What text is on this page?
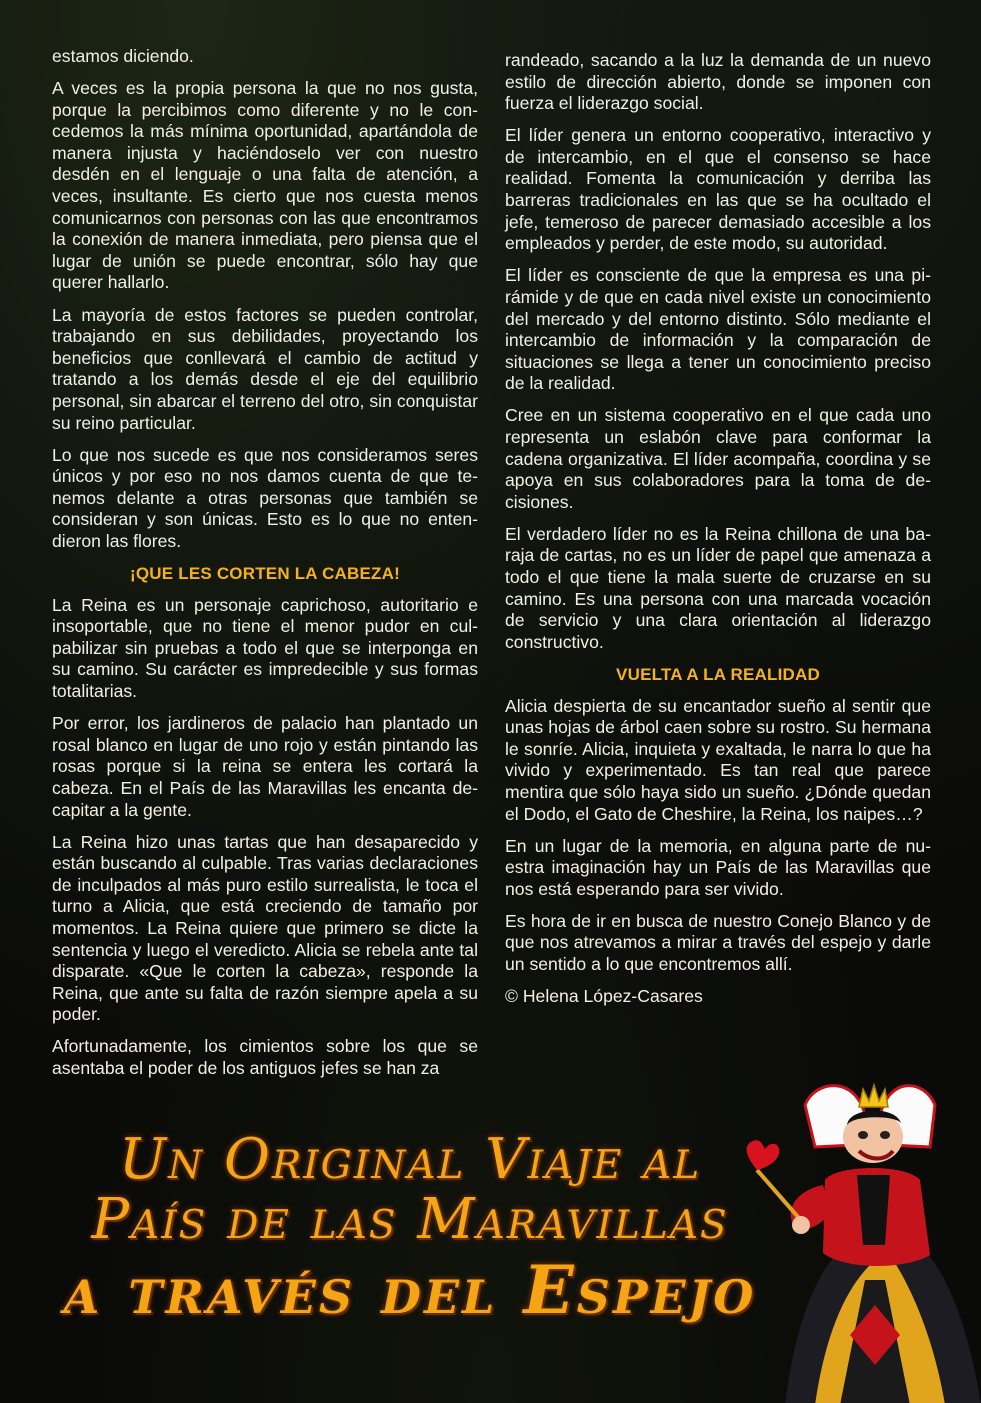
estamos diciendo.

A veces es la propia persona la que no nos gusta, porque la percibimos como diferente y no le concedemos la más mínima oportunidad, apartándola de manera injusta y haciéndoselo ver con nuestro desdén en el lenguaje o una falta de atención, a veces, insultante. Es cierto que nos cuesta menos comunicarnos con personas con las que encontramos la conexión de manera inmediata, pero piensa que el lugar de unión se puede encontrar, sólo hay que querer hallarlo.

La mayoría de estos factores se pueden controlar, trabajando en sus debilidades, proyectando los beneficios que conllevará el cambio de actitud y tratando a los demás desde el eje del equilibrio personal, sin abarcar el terreno del otro, sin conquistar su reino particular.

Lo que nos sucede es que nos consideramos seres únicos y por eso no nos damos cuenta de que tenemos delante a otras personas que también se consideran y son únicas. Esto es lo que no entendieron las flores.

¡QUE LES CORTEN LA CABEZA!

La Reina es un personaje caprichoso, autoritario e insoportable, que no tiene el menor pudor en culpabilizar sin pruebas a todo el que se interponga en su camino. Su carácter es impredecible y sus formas totalitarias.

Por error, los jardineros de palacio han plantado un rosal blanco en lugar de uno rojo y están pintando las rosas porque si la reina se entera les cortará la cabeza. En el País de las Maravillas les encanta decapitar a la gente.

La Reina hizo unas tartas que han desaparecido y están buscando al culpable. Tras varias declaraciones de inculpados al más puro estilo surrealista, le toca el turno a Alicia, que está creciendo de tamaño por momentos. La Reina quiere que primero se dicte la sentencia y luego el veredicto. Alicia se rebela ante tal disparate. «Que le corten la cabeza», responde la Reina, que ante su falta de razón siempre apela a su poder.

Afortunadamente, los cimientos sobre los que se asentaba el poder de los antiguos jefes se han za

randeado, sacando a la luz la demanda de un nuevo estilo de dirección abierto, donde se imponen con fuerza el liderazgo social.

El líder genera un entorno cooperativo, interactivo y de intercambio, en el que el consenso se hace realidad. Fomenta la comunicación y derriba las barreras tradicionales en las que se ha ocultado el jefe, temeroso de parecer demasiado accesible a los empleados y perder, de este modo, su autoridad.

El líder es consciente de que la empresa es una pirámide y de que en cada nivel existe un conocimiento del mercado y del entorno distinto. Sólo mediante el intercambio de información y la comparación de situaciones se llega a tener un conocimiento preciso de la realidad.

Cree en un sistema cooperativo en el que cada uno representa un eslabón clave para conformar la cadena organizativa. El líder acompaña, coordina y se apoya en sus colaboradores para la toma de decisiones.

El verdadero líder no es la Reina chillona de una baraja de cartas, no es un líder de papel que amenaza a todo el que tiene la mala suerte de cruzarse en su camino. Es una persona con una marcada vocación de servicio y una clara orientación al liderazgo constructivo.

VUELTA A LA REALIDAD

Alicia despierta de su encantador sueño al sentir que unas hojas de árbol caen sobre su rostro. Su hermana le sonríe. Alicia, inquieta y exaltada, le narra lo que ha vivido y experimentado. Es tan real que parece mentira que sólo haya sido un sueño. ¿Dónde quedan el Dodo, el Gato de Cheshire, la Reina, los naipes…?

En un lugar de la memoria, en alguna parte de nuestra imaginación hay un País de las Maravillas que nos está esperando para ser vivido.

Es hora de ir en busca de nuestro Conejo Blanco y de que nos atrevamos a mirar a través del espejo y darle un sentido a lo que encontremos allí.

© Helena López-Casares

Un Original Viaje al
País de las Maravillas
a través del Espejo
